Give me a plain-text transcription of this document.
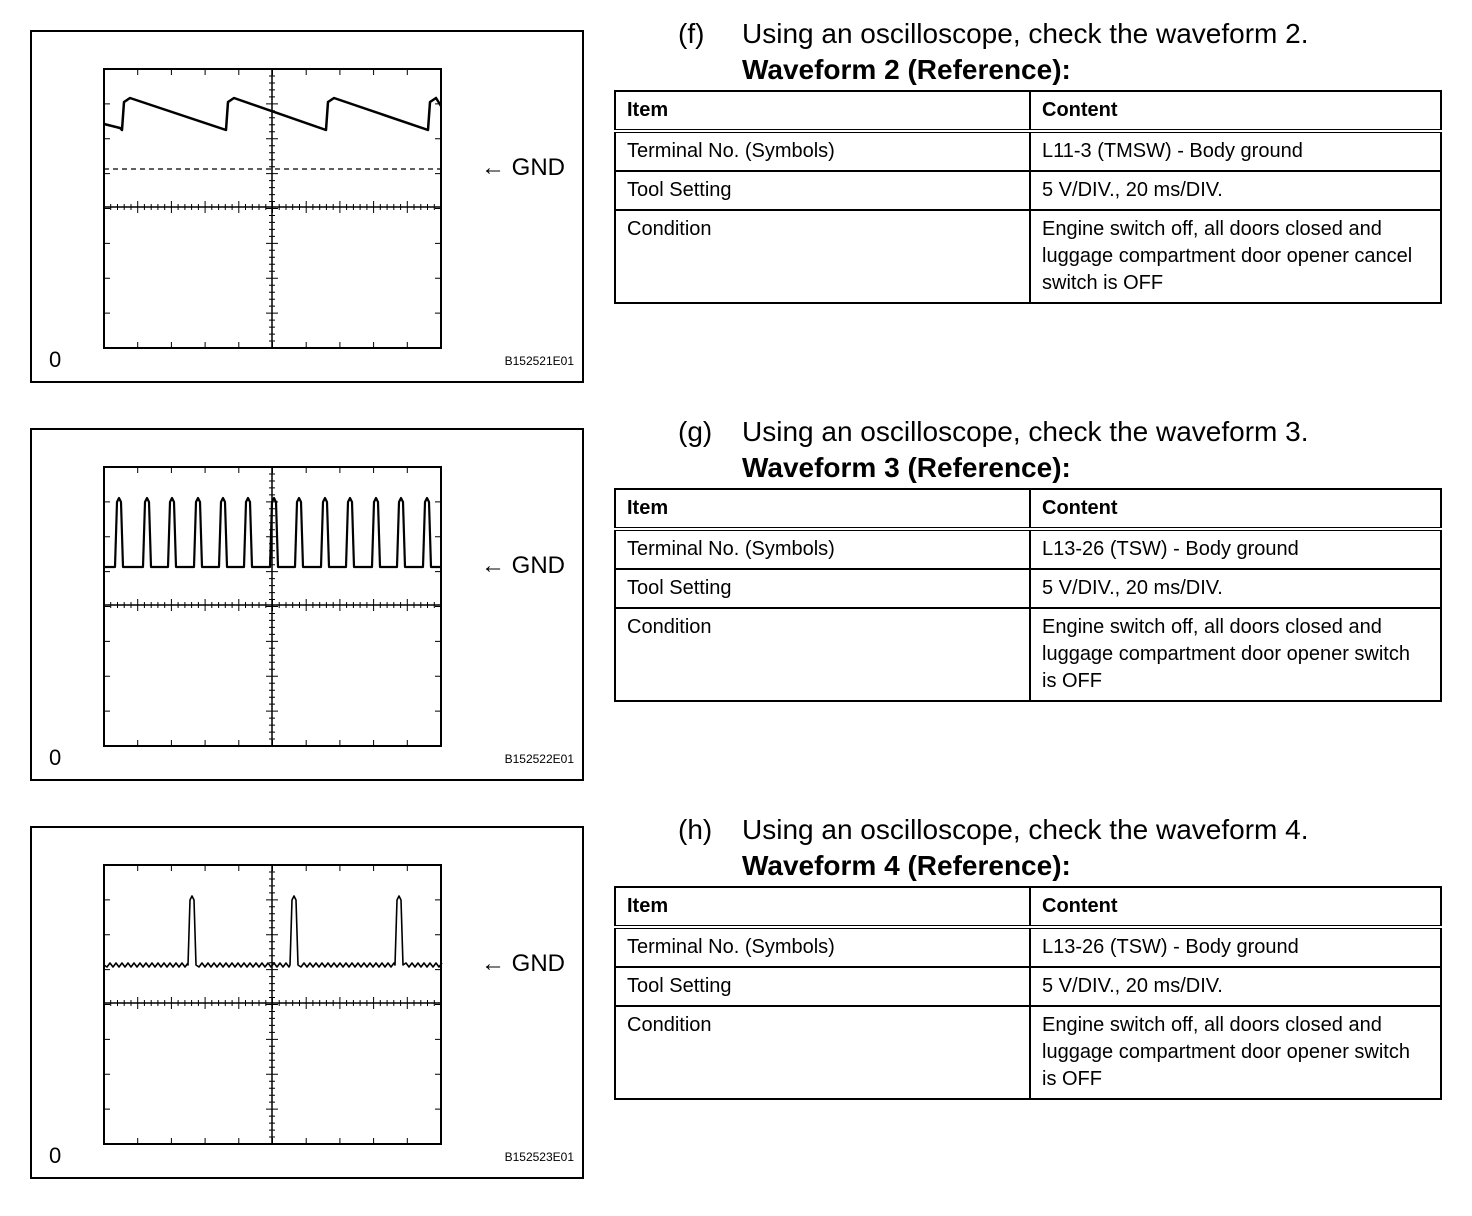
← GND
0	B152521E01
(f) Using an oscilloscope, check the waveform 2.
Waveform 2 (Reference):
Item	Content
Terminal No. (Symbols)	L11-3 (TMSW) - Body ground
Tool Setting	5 V/DIV., 20 ms/DIV.
Condition	Engine switch off, all doors closed and luggage compartment door opener cancel switch is OFF
← GND
0	B152522E01
(g) Using an oscilloscope, check the waveform 3.
Waveform 3 (Reference):
Item	Content
Terminal No. (Symbols)	L13-26 (TSW) - Body ground
Tool Setting	5 V/DIV., 20 ms/DIV.
Condition	Engine switch off, all doors closed and luggage compartment door opener switch is OFF
← GND
0	B152523E01
(h) Using an oscilloscope, check the waveform 4.
Waveform 4 (Reference):
Item	Content
Terminal No. (Symbols)	L13-26 (TSW) - Body ground
Tool Setting	5 V/DIV., 20 ms/DIV.
Condition	Engine switch off, all doors closed and luggage compartment door opener switch is OFF
